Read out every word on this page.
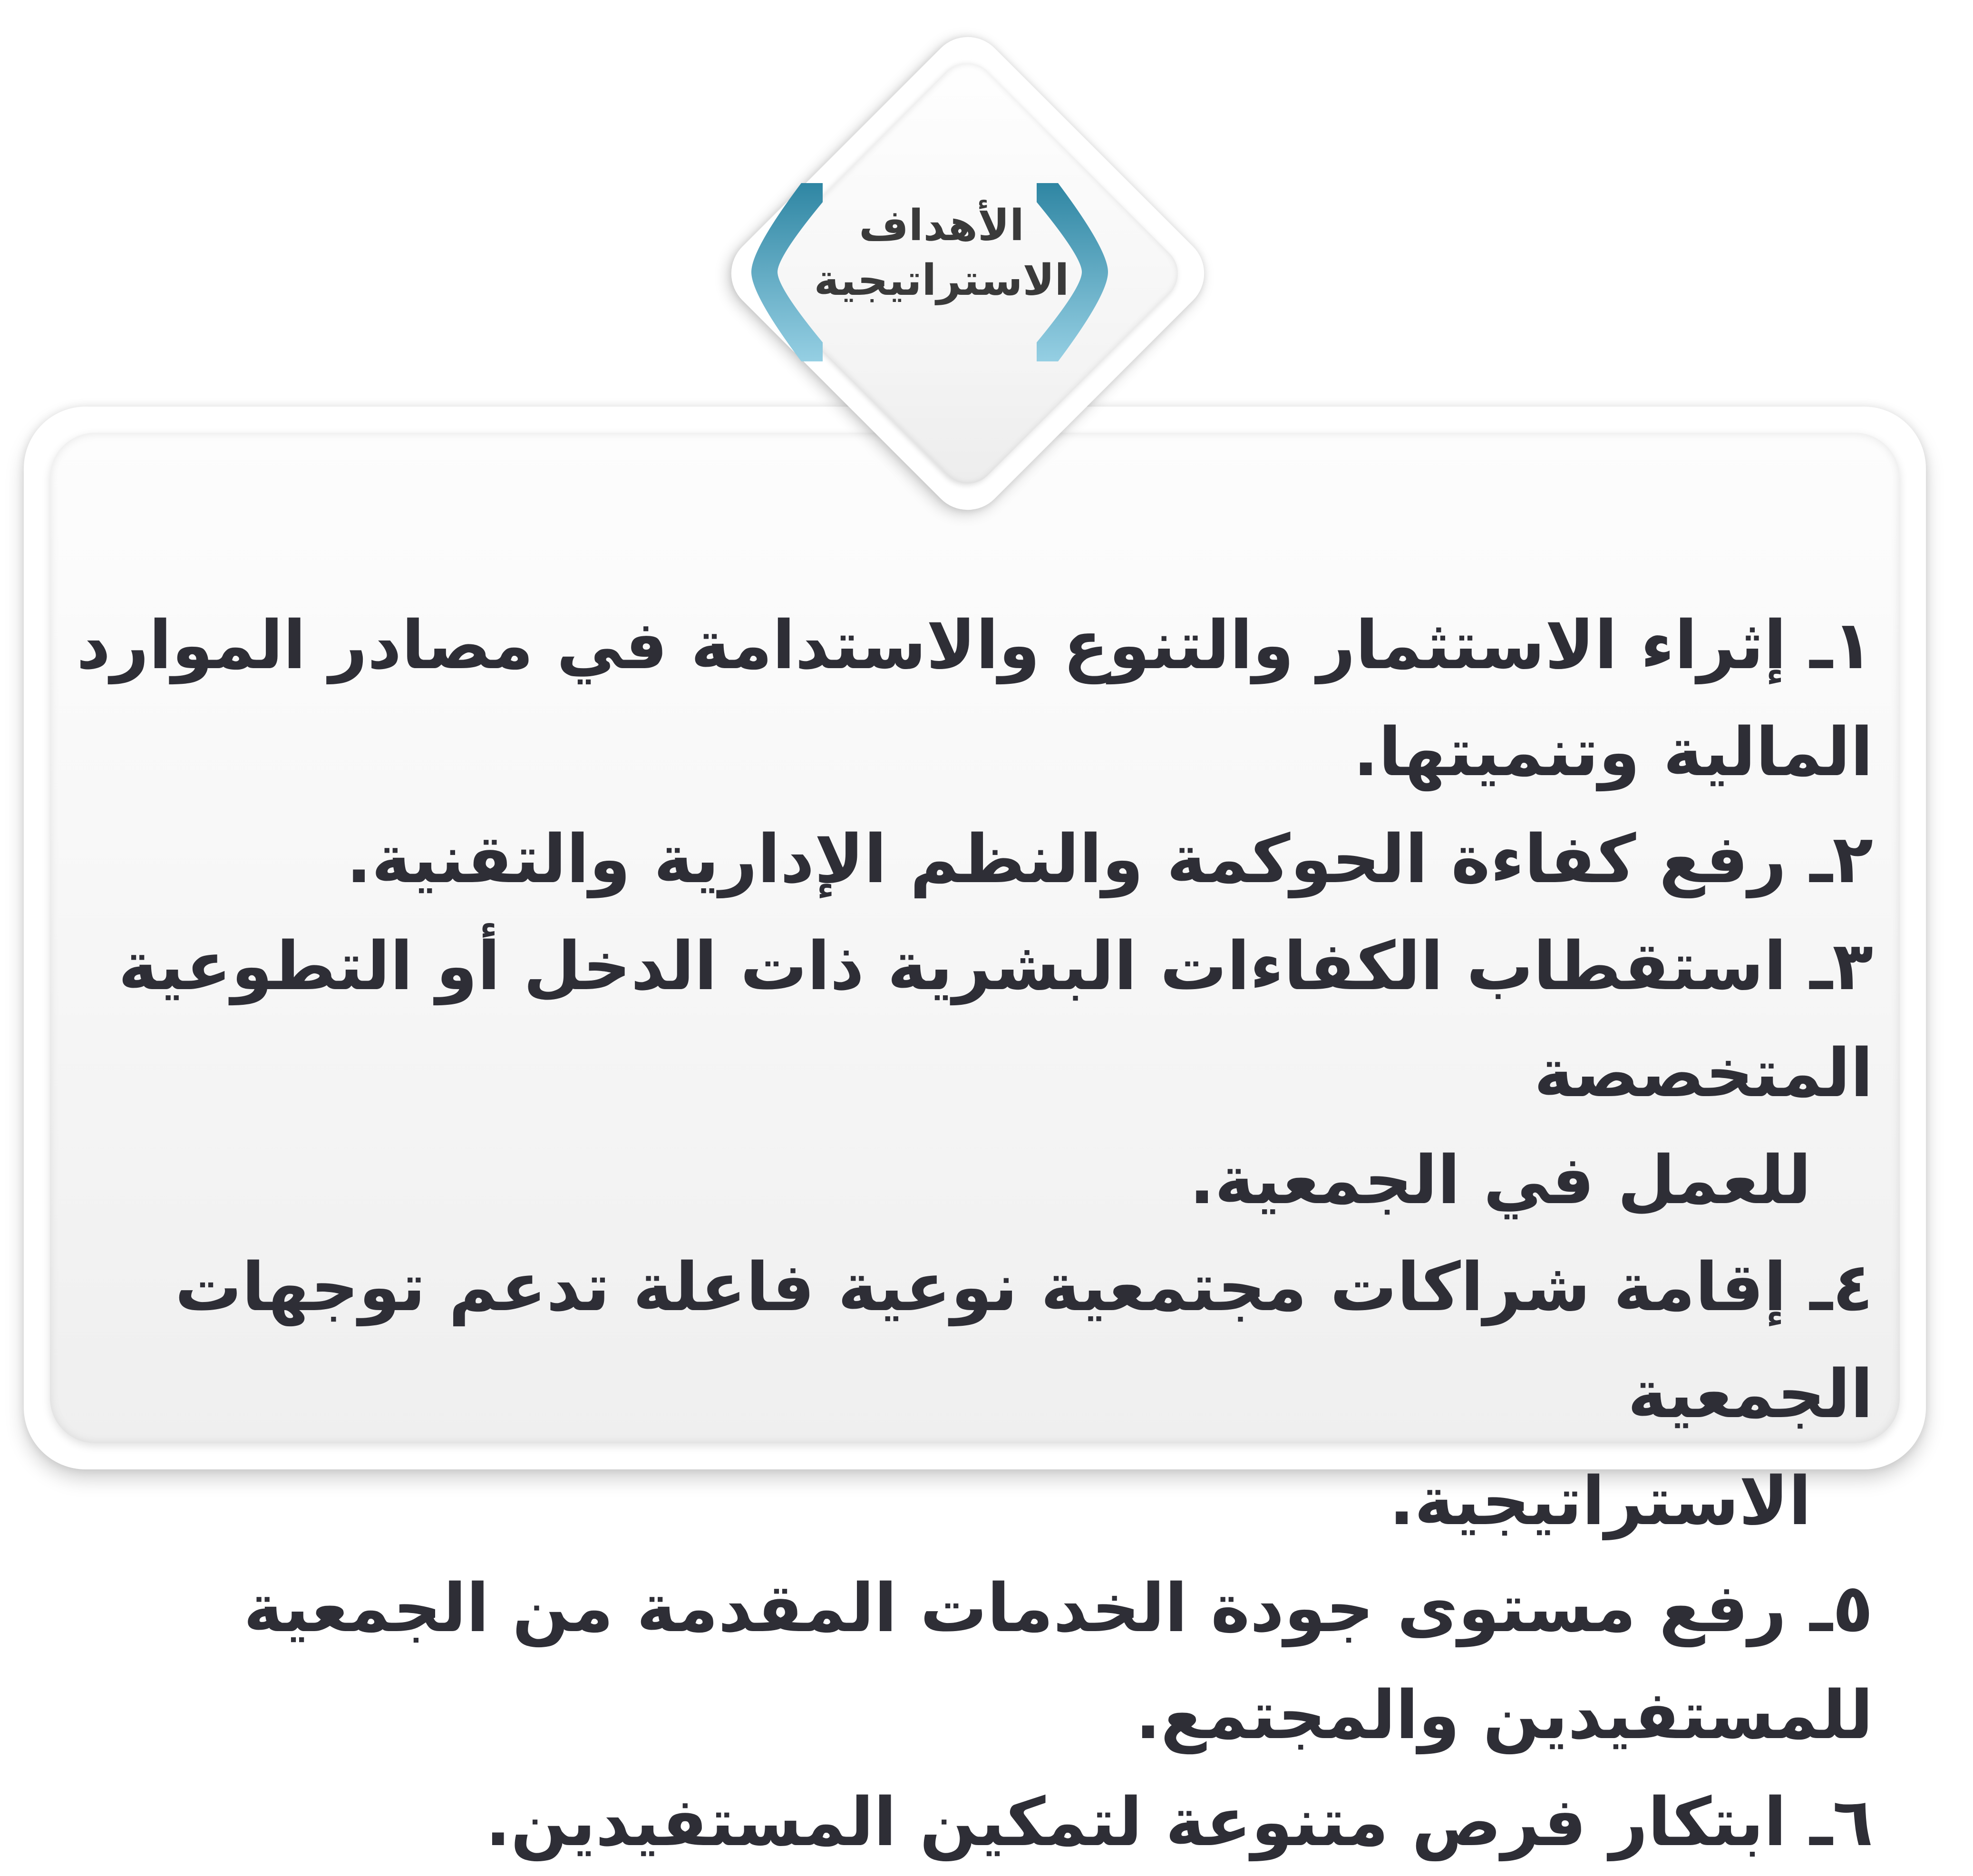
الأهداف
الاستراتيجية
١ـ إثراء الاستثمار والتنوع والاستدامة في مصادر الموارد المالية وتنميتها.
٢ـ رفع كفاءة الحوكمة والنظم الإدارية والتقنية.
٣ـ استقطاب الكفاءات البشرية ذات الدخل أو التطوعية المتخصصة
للعمل في الجمعية.
٤ـ إقامة شراكات مجتمعية نوعية فاعلة تدعم توجهات الجمعية
الاستراتيجية.
٥ـ رفع مستوى جودة الخدمات المقدمة من الجمعية للمستفيدين والمجتمع.
٦ـ ابتكار فرص متنوعة لتمكين المستفيدين.
